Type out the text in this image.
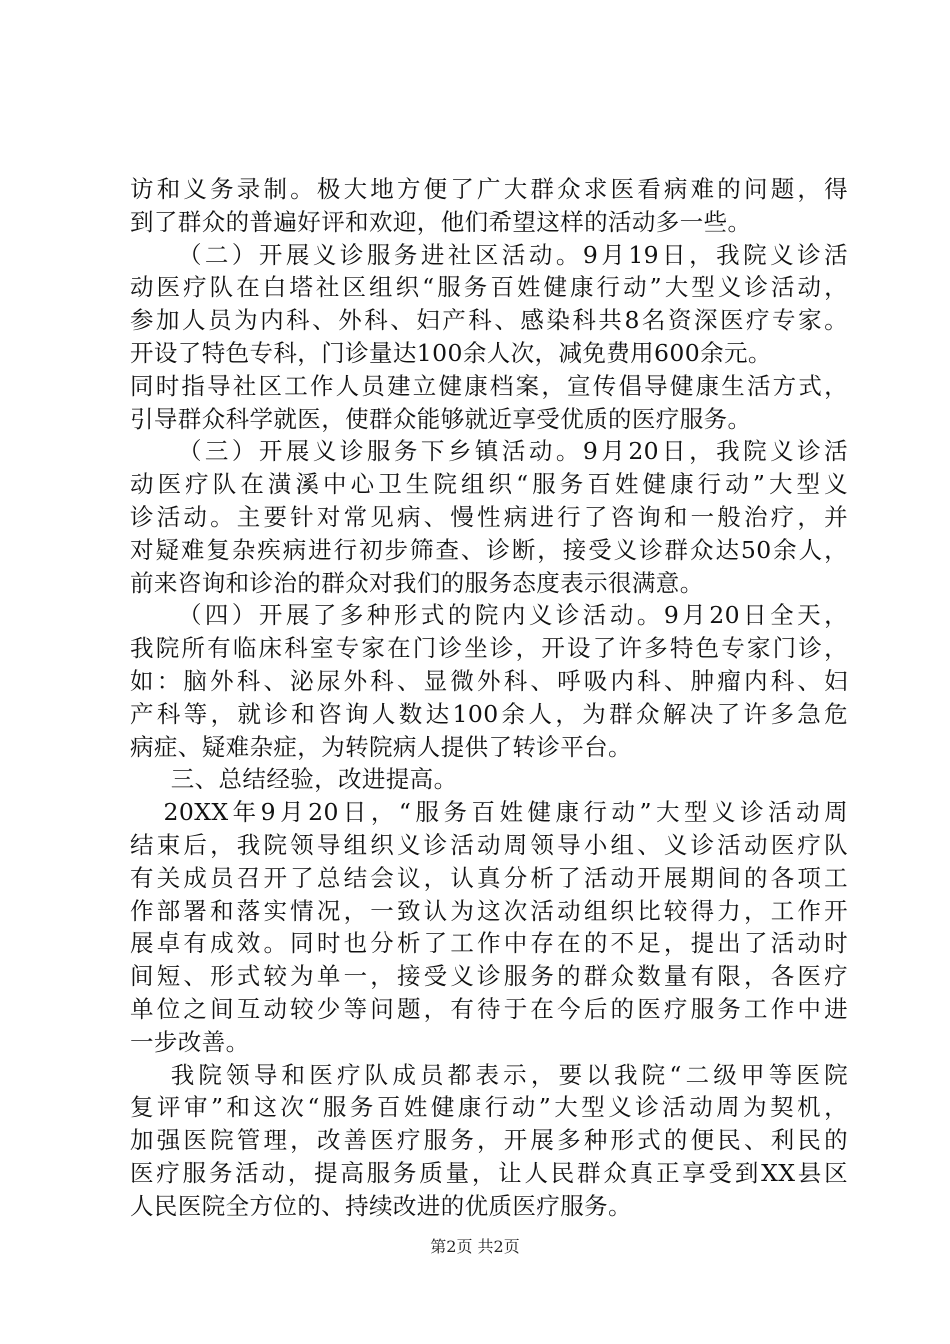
访和义务录制。极大地方便了广大群众求医看病难的问题，得
到了群众的普遍好评和欢迎，他们希望这样的活动多一些。
（二）开展义诊服务进社区活动。9月19日，我院义诊活
动医疗队在白塔社区组织“服务百姓健康行动”大型义诊活动，
参加人员为内科、外科、妇产科、感染科共8名资深医疗专家。
开设了特色专科，门诊量达100余人次，减免费用600余元。
同时指导社区工作人员建立健康档案，宣传倡导健康生活方式，
引导群众科学就医，使群众能够就近享受优质的医疗服务。
（三）开展义诊服务下乡镇活动。9月20日，我院义诊活
动医疗队在潢溪中心卫生院组织“服务百姓健康行动”大型义
诊活动。主要针对常见病、慢性病进行了咨询和一般治疗，并
对疑难复杂疾病进行初步筛查、诊断，接受义诊群众达50余人，
前来咨询和诊治的群众对我们的服务态度表示很满意。
（四）开展了多种形式的院内义诊活动。9月20日全天，
我院所有临床科室专家在门诊坐诊，开设了许多特色专家门诊，
如：脑外科、泌尿外科、显微外科、呼吸内科、肿瘤内科、妇
产科等，就诊和咨询人数达100余人，为群众解决了许多急危
病症、疑难杂症，为转院病人提供了转诊平台。
三、总结经验，改进提高。
20XX年9月20日，“服务百姓健康行动”大型义诊活动周
结束后，我院领导组织义诊活动周领导小组、义诊活动医疗队
有关成员召开了总结会议，认真分析了活动开展期间的各项工
作部署和落实情况，一致认为这次活动组织比较得力，工作开
展卓有成效。同时也分析了工作中存在的不足，提出了活动时
间短、形式较为单一，接受义诊服务的群众数量有限，各医疗
单位之间互动较少等问题，有待于在今后的医疗服务工作中进
一步改善。
我院领导和医疗队成员都表示，要以我院“二级甲等医院
复评审”和这次“服务百姓健康行动”大型义诊活动周为契机，
加强医院管理，改善医疗服务，开展多种形式的便民、利民的
医疗服务活动，提高服务质量，让人民群众真正享受到XX县区
人民医院全方位的、持续改进的优质医疗服务。
第2页 共2页
